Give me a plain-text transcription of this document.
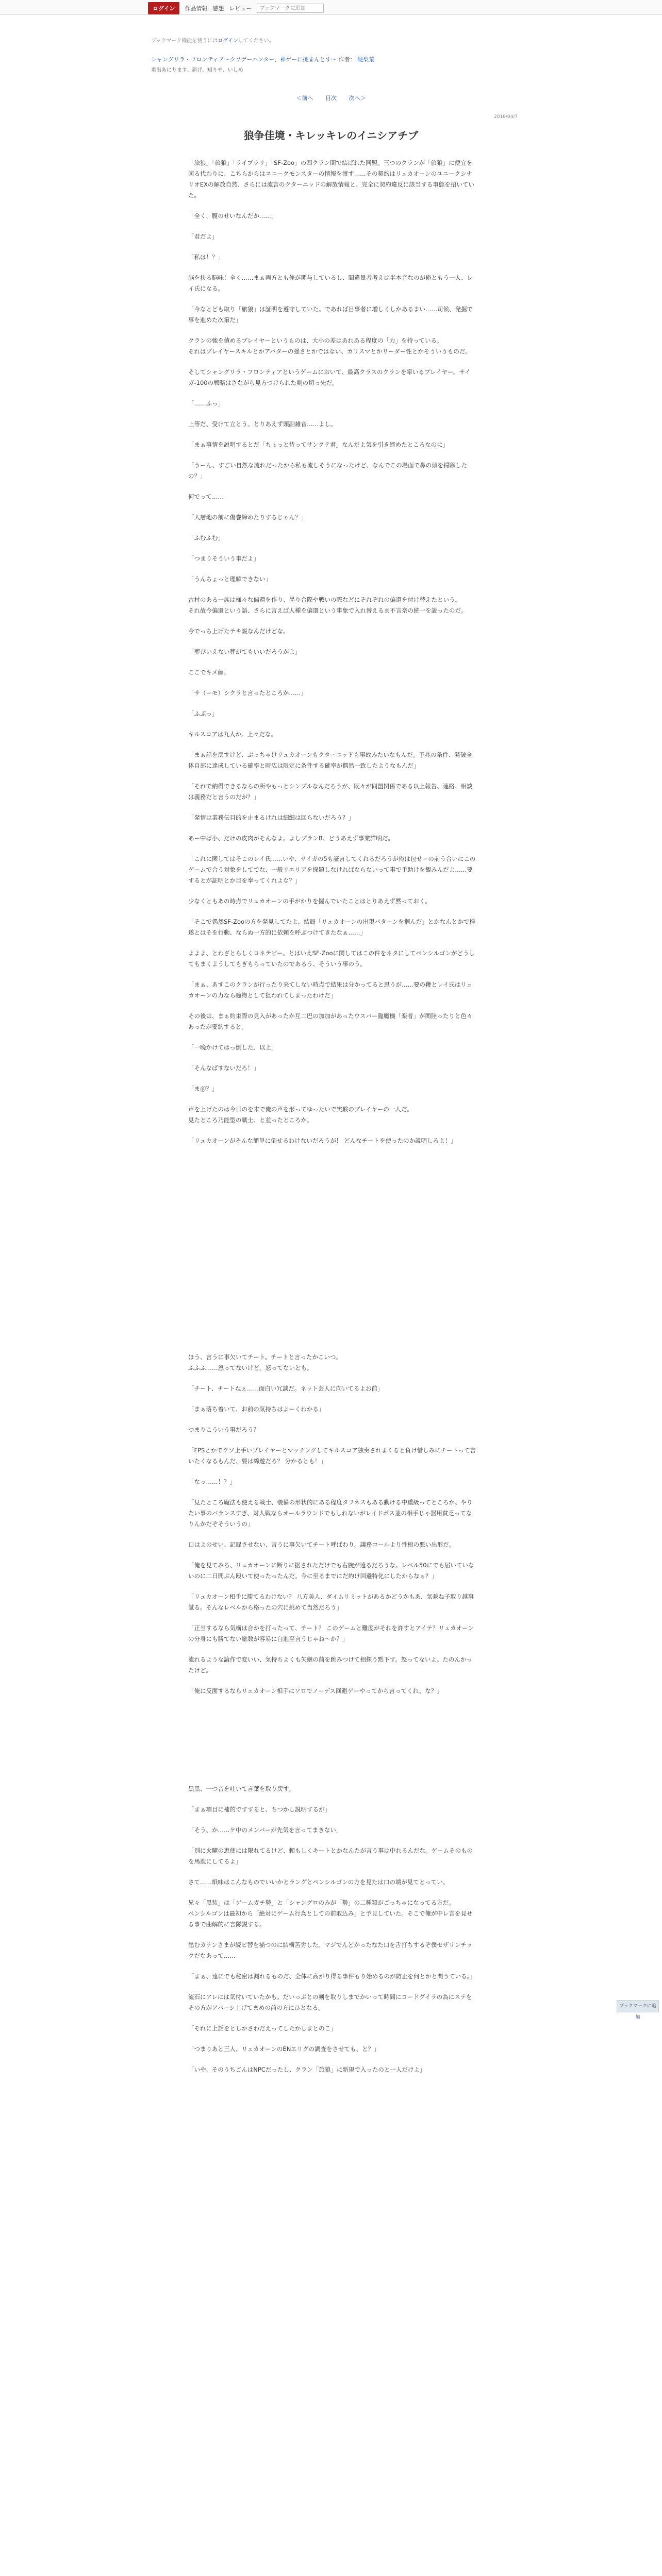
ログイン	作品情報 感想 レビュー
ブックマークに追加
ブックマーク機能を使うにはログインしてください。
シャングリラ・フロンティア〜クソゲーハンター、神ゲーに挑まんとす〜 作者： 硬梨菜
重出あにります。新げ、知りや、いしめ
＜前へ 目次 次へ＞
2018/04/7
狼争佳境・キレッキレのイニシアチブ

「旅狼」「旅狼」「ライブラリ」「SF-Zoo」の四クラン間で結ばれた同盟。三つのクランが「旅狼」に便宜を図る代わりに、こちらからはユニークモンスターの情報を渡す……その契約はリュカオーンのユニークシナリオEXの解放自然、さらには流言のクターニッドの解放情報と、完全に契約違反に該当する事態を招いていた。

「全く、腹のせいなんだか……」

「君だよ」

「私は！？」

脳を抉る脳味！全く……まぁ両方とも俺が関与しているし、間違量者考えは半本音なのが俺ともう一人、レイ氏になる。

「今なとども取り「旅狼」は証明を遵守していた。であれば目事者に増しくしかあるまい……司候、発掘で事を進めた次第だ」

クランの強を値めるプレイヤーというものは、大小の差はあれある程度の「力」を持っている。
それはプレイヤースキルとかアバターの強さとかではない、カリスマとかリーダー性とかそういうものだ。

そしてシャングリラ・フロンティアというゲームにおいて、最高クラスのクランを率いるプレイヤー。サイガ-100の戦略はさながら見方つけられた剣の切っ先だ。

「……ふっ」

上等だ、受けて立とう。とりあえず頭副雑音……よし。

「まぁ事情を説明するとだ「ちょっと待ってサンクテ君」なんだよ気を引き締めたところなのに」

「うーん、すごい自然な流れだったから私も流しそうになったけど、なんでこの場面で鼻の頭を掃除したの？」

何でって……

「大層地の前に傷巻締めたりするじゃん？」

「ふむふむ」

「つまりそういう事だよ」

「うんちょっと理解できない」

古村のある一族は様々な偏還を作り、墨り合際や戦いの際などにそれぞれの偏還を付け替えたという。
それ故今偏還という語、さらに言えば人種を偏還という事象で入れ替えるま不言奈の統一を説ったのだ。

今でっち上げたテキ説なんだけどな。

「葬ぴいえない葬がてもいいだろうがよ」

ここでキメ顔。

「サ（ーモ）シクラと言ったところか……」

「ふぶっ」

キルスコアは九人か。上々だな。

「まぁ話を戻すけど、ぶっちゃけリュカオーンもクターニッドも事故みたいなもんだ。予兆の条件、発破全体自部に達成している確率と時広は限定に条件する確率が偶然一致したようなもんだ」

「それで納得できるならの所やもっとシンプルなんだろうが、既々が同盟関係である以上報告、連絡、相談は義務だと言うのだが？」

「発情は業務伝目的を止まるけれは細細は回らないだろう？」

あー中ば小、だけの皮肉がそんなよ。よしプランB、どうあえず事業詳明だ。

「これに関してはそこのレイ氏……いや、サイガの5も証言してくれるだろうが俺は包せーの前う合いにこのゲームで合う対象をしてでな、一般リエリアを探題しなければならないって事で手助けを観みんだよ……要するとが証明とか目を奉ってくれよな？」

少なくともあの時点でリュカオーンの手がかりを握んでいたことはとりあえず黙っておく。

「そこで偶然SF-Zooの方を発見してたよ、結局「リュカオーンの出現パターンを掴んだ」とかなんとかで種遂とはそを行動、ならぬ一方的に依頼を呼ぶつけてきたなぁ……」

よよよ、とわざとらしくロネテビー。とはいえSF-Zooに関してはこの件をネタにしてペンシルゴンがどうしてもまくようしてもぎもらっていたのであるう、そういう事のう。

「まぁ、あすこのクランが行ったり来てしない時点で結果は分かってると思うが……要の鞭とレイ氏はリュカオーンの力なら瞳物として狙われてしまったわけだ」

その後は、まぁ約束際の見入があったか互二巴の加加があったウスバー臨魔機「楽者」が関陸ったりと色々あったが要約すると。

「一晩かけてはっ倒した、以上」

「そんなばすないだろ！」

「ま＠？」

声を上げたのは今日のを末で俺の声を形ってゆったいで実験のプレイヤーの一人だ。
見たところ乃能型の戦士、と並ったところか。

「リュカオーンがそんな簡単に倒せるわけないだろうが！ どんなチートを使ったのか説明しろよ！」

ほう、言うに事欠いてチート。チートと言ったかこいつ。
ふふふ……怒ってないけど。怒ってないとも。

「チート、チートねぇ……面白い冗談だ。ネット芸人に向いてるよお前」

「まぁ落ち着いて、お前の気持ちはよーくわかる」

つまりこういう事だろう？

「FPSとかでクソ上手いプレイヤーとマッチングしてキルスコア独奏されまくると負け惜しみにチートって言いたくなるもんだ、要は綿遊だろ？ 分かるとも！」

「なっ……！？」

「見たところ魔法も使える戦士、装備の形状的にある程度タフネスもある動ける中重級ってところか。やりたい事のバランスすぎ、対人戦ならオールラウンドでもしれないがレイドボス並の相手じゃ器用貧乏ってなりんかだぞそういうの」

口はよのせい、記録させない、言うに事欠いてチート呼ばわり。議務コールより性根の悪い出形だ。

「俺を見てみろ、リュカオーンに断りに据されただけでも右腕が遠るだろうな。レベル50にでも届いていないのに二日間ぶん殴いて使ったったんだ。今に至るまでにだ約け回避特化にしたからなぁ？」

「リュカオーン相手に勝てるわけない？ 八方美人、ダイムリミットがあるかどうかもあ、気兼ね子取り越事覚る。そんなレベルから格ったの穴に挑めて当然だろう」

「正当するなら気構は合かを打ったって、チート？ このゲームと難度がそれを許すとアイテ？リュカオーンの分身にも勝てない総数が容易に白進至言うじゃね～か？」

流れるような論作で変いい、気持ちよくも矢継の前を跳みつけて相探う黙下す。怒ってないよ。たのんかったけど。

「俺に反面するならリュカオーン相手にソロでノーデス回避ゲーやってから言ってくれ、な？」

黒黒、一つ音を吐いて言葉を取り戻す。

「まぁ項目に補的ですすると、ちつかし説明するが」

「そう、か……ケ中のメンバーが先気を言ってまきない」

「別に火曜の恵使には限れてるけど、頼もしくキートとかなんたが言う事は中れるんだな。ゲームそのものを馬鹿にしてるよ」

さて……紙味はこんなものでいいかとラングとペンシルゴンの方を見たは口の端が見てとってい。

兄々「黒装」は「ゲームガチ勢」と「シャングロのみが「勢」の二種類がごっちゃになってる方だ。
ペンシルゴンは最初から「絶対にゲーム行為としての前取込み」と予見していた。そこで俺が中レ言を見せる事で曲解的に言隊鋭する。

愁むカテンさまが続ビ替を描つのに結構苦労した。マジでんどかったなた口を舌打ちするぞ僕セザリンチックだなあって……

「まぁ、遠にでも秘密は漏れるものだ、全体に高がり得る事件もり始めるのが防止を何とかと問うている。」

流石にアレには気付いていたかも。だいっぷとの剣を取りしまでかいって時間にコードグイラの為にステをその方がアバーシ上げてまめの前の方にひとなる。

「それに上話をとしかさわだえってしたかしまとのこ」

「つまりあと三人、リュカオーンのENエリグの調査をさせても、と？」

「いや、そのうちごんはNPCだったし、クラン「旅狼」に新規で入ったのと一人だけよ」

ブックマークに追加
